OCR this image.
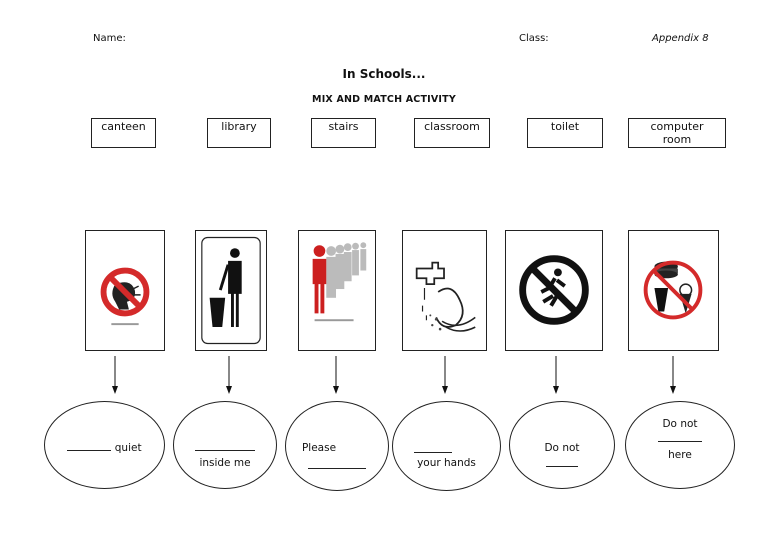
Name:	Class:	Appendix 8
In Schools...
MIX AND MATCH ACTIVITY
canteen	library	stairs	classroom	toilet	computer
room
quiet
inside me
Please
your hands
Do not
Do not
here
